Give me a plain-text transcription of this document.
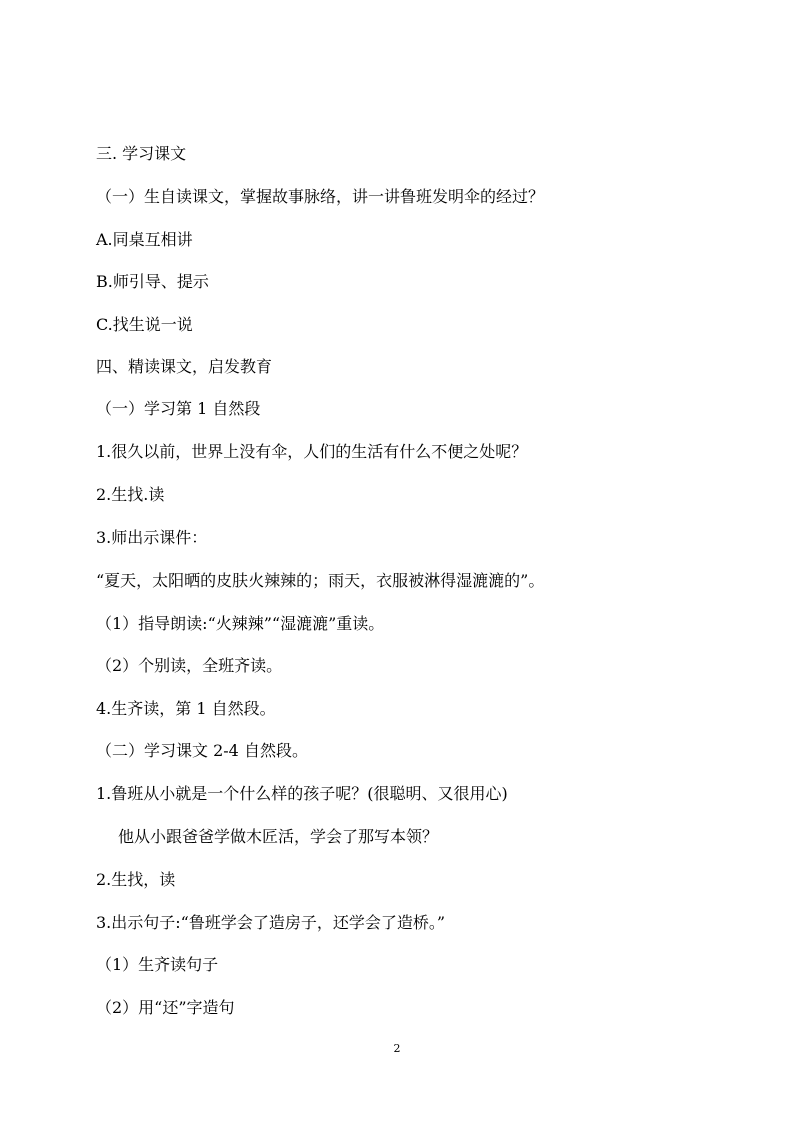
三. 学习课文
（一）生自读课文，掌握故事脉络，讲一讲鲁班发明伞的经过？
A.同桌互相讲
B.师引导、提示
C.找生说一说
四、精读课文，启发教育
（一）学习第 1 自然段
1.很久以前，世界上没有伞，人们的生活有什么不便之处呢？
2.生找.读
3.师出示课件：
“夏天，太阳晒的皮肤火辣辣的；雨天，衣服被淋得湿漉漉的”。
（1）指导朗读:“火辣辣”“湿漉漉”重读。
（2）个别读，全班齐读。
4.生齐读，第 1 自然段。
（二）学习课文 2-4 自然段。
1.鲁班从小就是一个什么样的孩子呢？(很聪明、又很用心)
他从小跟爸爸学做木匠活，学会了那写本领？
2.生找，读
3.出示句子:“鲁班学会了造房子，还学会了造桥。”
（1）生齐读句子
（2）用“还”字造句
2
